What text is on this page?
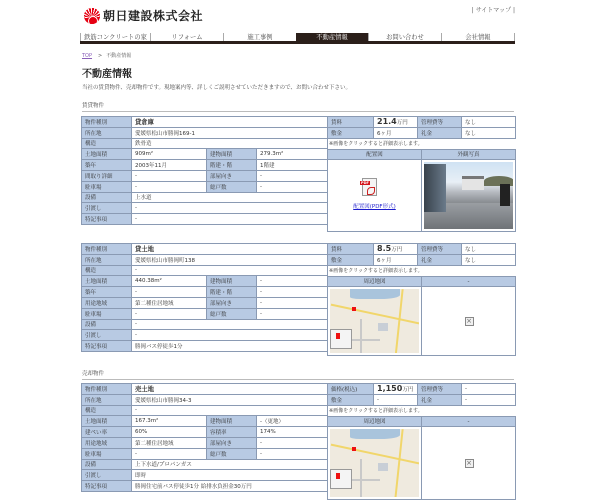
朝日建設株式会社	| サイトマップ |
鉄筋コンクリートの家	リフォーム	施工事例	不動産情報	お問い合わせ	会社情報
TOP > 不動産情報
不動産情報
当社の賃貸物件、売却物件です。現地案内等、詳しくご説明させていただきますので、お問い合わせ下さい。
賃貸物件
物件種別	貸倉庫		
所在地	愛媛県松山市勝岡169-1		
構造	鉄骨造		
土地面積	909m²	建物面積	279.3m²
築年	2003年11月	階建・階	1階建
間取り詳細	-	部屋向き	-
駐車場	-	総戸数	-
設備	上水道		
引渡し	-		
特記事項	-		
賃料	21.4万円	管理費等	なし
敷金	6ヶ月	礼金	なし
※画像をクリックすると詳細表示します。
配置図
PDF
配置図(PDF形式)
外観写真
物件種別	貸土地		
所在地	愛媛県松山市勝岡町138		
構造	-		
土地面積	440.38m²	建物面積	-
築年	-	階建・階	-
用途地域	第二種住居地域	部屋向き	-
駐車場	-	総戸数	-
設備	-		
引渡し	-		
特記事項	勝岡バス停徒歩1分		
賃料	8.5万円	管理費等	なし
敷金	6ヶ月	礼金	なし
※画像をクリックすると詳細表示します。
周辺地図	-
×
売却物件
物件種別	売土地		
所在地	愛媛県松山市勝岡34-3		
構造	-		
土地面積	167.3m²	建物面積	-（更地）
建ぺい率	60%	容積率	174%
用途地域	第二種住居地域	部屋向き	-
駐車場	-	総戸数	-
設備	上下水道/プロパンガス		
引渡し	即時		
特記事項	勝岡住宅前バス停徒歩1分 給排水負担金30万円		
価格(税込)	1,150万円	管理費等	-
敷金	-	礼金	-
※画像をクリックすると詳細表示します。
周辺地図	-
×
